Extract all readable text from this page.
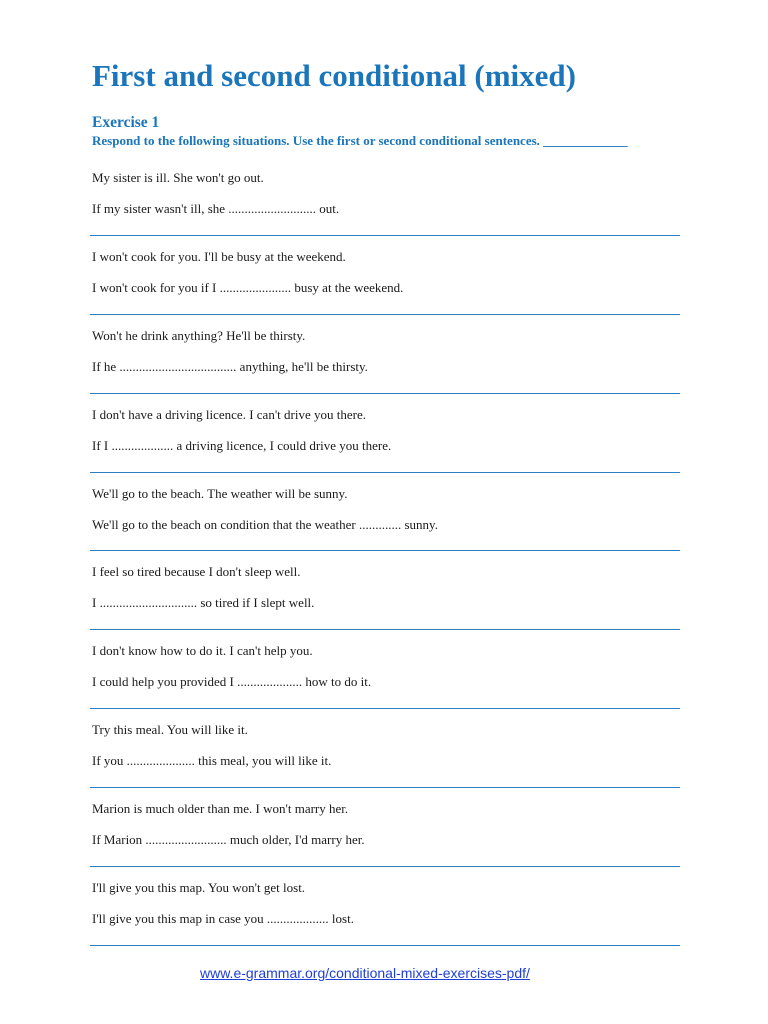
First and second conditional (mixed)
Exercise 1
Respond to the following situations. Use the first or second conditional sentences. _____________
My sister is ill. She won't go out.
If my sister wasn't ill, she ........................... out.
I won't cook for you. I'll be busy at the weekend.
I won't cook for you if I ...................... busy at the weekend.
Won't he drink anything? He'll be thirsty.
If he .................................... anything, he'll be thirsty.
I don't have a driving licence. I can't drive you there.
If I ................... a driving licence, I could drive you there.
We'll go to the beach. The weather will be sunny.
We'll go to the beach on condition that the weather ............. sunny.
I feel so tired because I don't sleep well.
I .............................. so tired if I slept well.
I don't know how to do it. I can't help you.
I could help you provided I .................... how to do it.
Try this meal. You will like it.
If you ..................... this meal, you will like it.
Marion is much older than me. I won't marry her.
If Marion ......................... much older, I'd marry her.
I'll give you this map. You won't get lost.
I'll give you this map in case you ................... lost.
www.e-grammar.org/conditional-mixed-exercises-pdf/
